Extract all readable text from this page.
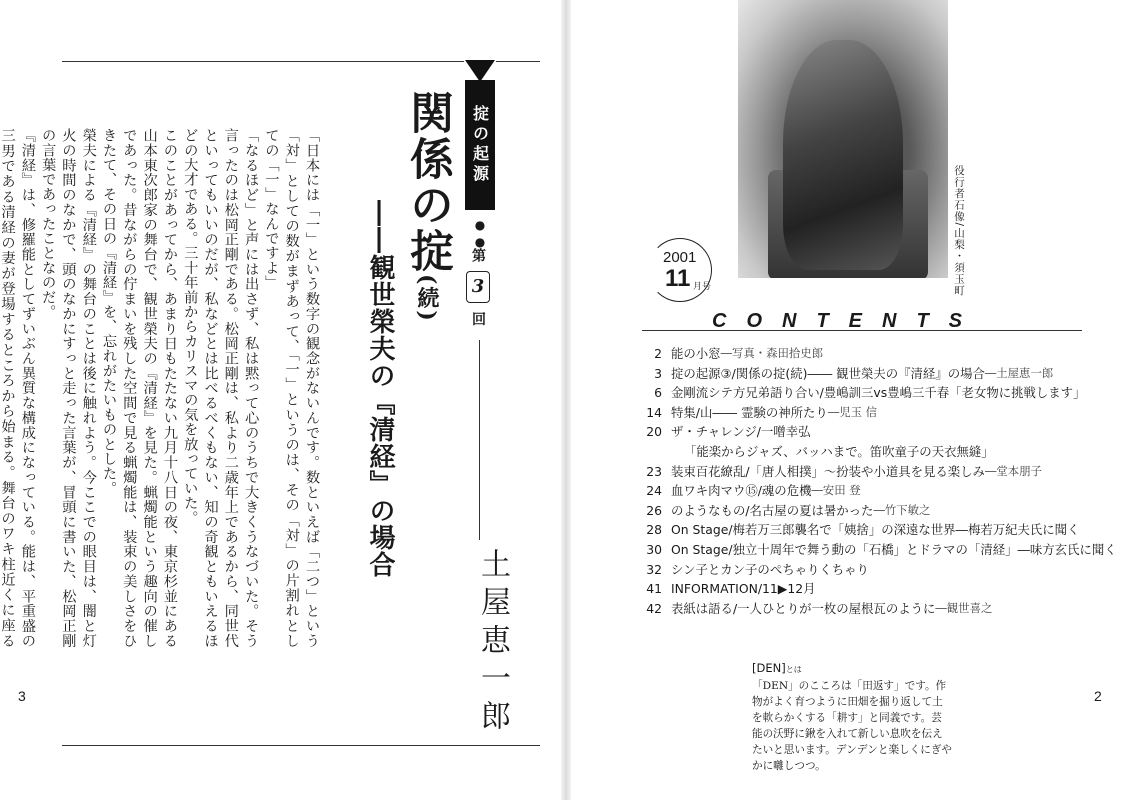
掟の起源
●●
第 3 回
関係の掟(続)
――観世榮夫の『清経』の場合
土屋恵一郎

「日本には「一」という数字の観念がないんです。数といえば「二つ」という「対」としての数がまずあって、「一」というのは、その「対」の片割れとしての「一」なんですよ」

「なるほど」と声には出さず、私は黙って心のうちで大きくうなづいた。そう言ったのは松岡正剛である。松岡正剛は、私より二歳年上であるから、同世代といってもいいのだが、私などとは比べるべくもない、知の奇観ともいえるほどの大才である。三十年前からカリスマの気を放っていた。

このことがあってから、あまり日もたたない九月十八日の夜、東京杉並にある山本東次郎家の舞台で、観世榮夫の『清経』を見た。蝋燭能という趣向の催しであった。昔ながらの佇まいを残した空間で見る蝋燭能は、装束の美しさをひきたて、その日の『清経』を、忘れがたいものとした。

榮夫による『清経』の舞台のことは後に触れよう。今ここでの眼目は、闇と灯火の時間のなかで、頭のなかにすっと走った言葉が、冒頭に書いた、松岡正剛の言葉であったことなのだ。

『清経』は、修羅能としてずいぶん異質な構成になっている。能は、平重盛の三男である清経の妻が登場するところから始まる。舞台のワキ柱近くに座る

3
役行者石像/山梨・須玉町
2001
11 月号
CONTENTS
2 能の小窓 ―写真・森田拾史郎
3 掟の起源③/関係の掟(続)―― 観世榮夫の『清経』の場合 ―土屋恵一郎
6 金剛流シテ方兄弟語り合い/豊嶋訓三vs豊嶋三千春「老女物に挑戦します」
14 特集/山―― 霊験の神所たり ―児玉 信
20 ザ・チャレンジ/一噌幸弘
「能楽からジャズ、バッハまで。笛吹童子の天衣無縫」
23 装束百花繚乱/「唐人相撲」〜扮装や小道具を見る楽しみ ―堂本朋子
24 血ワキ肉マウ⑮/魂の危機 ―安田 登
26 のようなもの/名古屋の夏は暑かった ―竹下敏之
28 On Stage/梅若万三郎襲名で「姨捨」の深遠な世界―梅若万紀夫氏に聞く
30 On Stage/独立十周年で舞う動の「石橋」とドラマの「清経」―味方玄氏に聞く
32 シン子とカン子のぺちゃりくちゃり
41 INFORMATION/11▶12月
42 表紙は語る/一人ひとりが一枚の屋根瓦のように ―観世喜之
[DEN]とは
「DEN」のこころは「田返す」です。作物がよく育つように田畑を掘り返して土を軟らかくする「耕す」と同義です。芸能の沃野に鍬を入れて新しい息吹を伝えたいと思います。デンデンと楽しくにぎやかに囃しつつ。
2
